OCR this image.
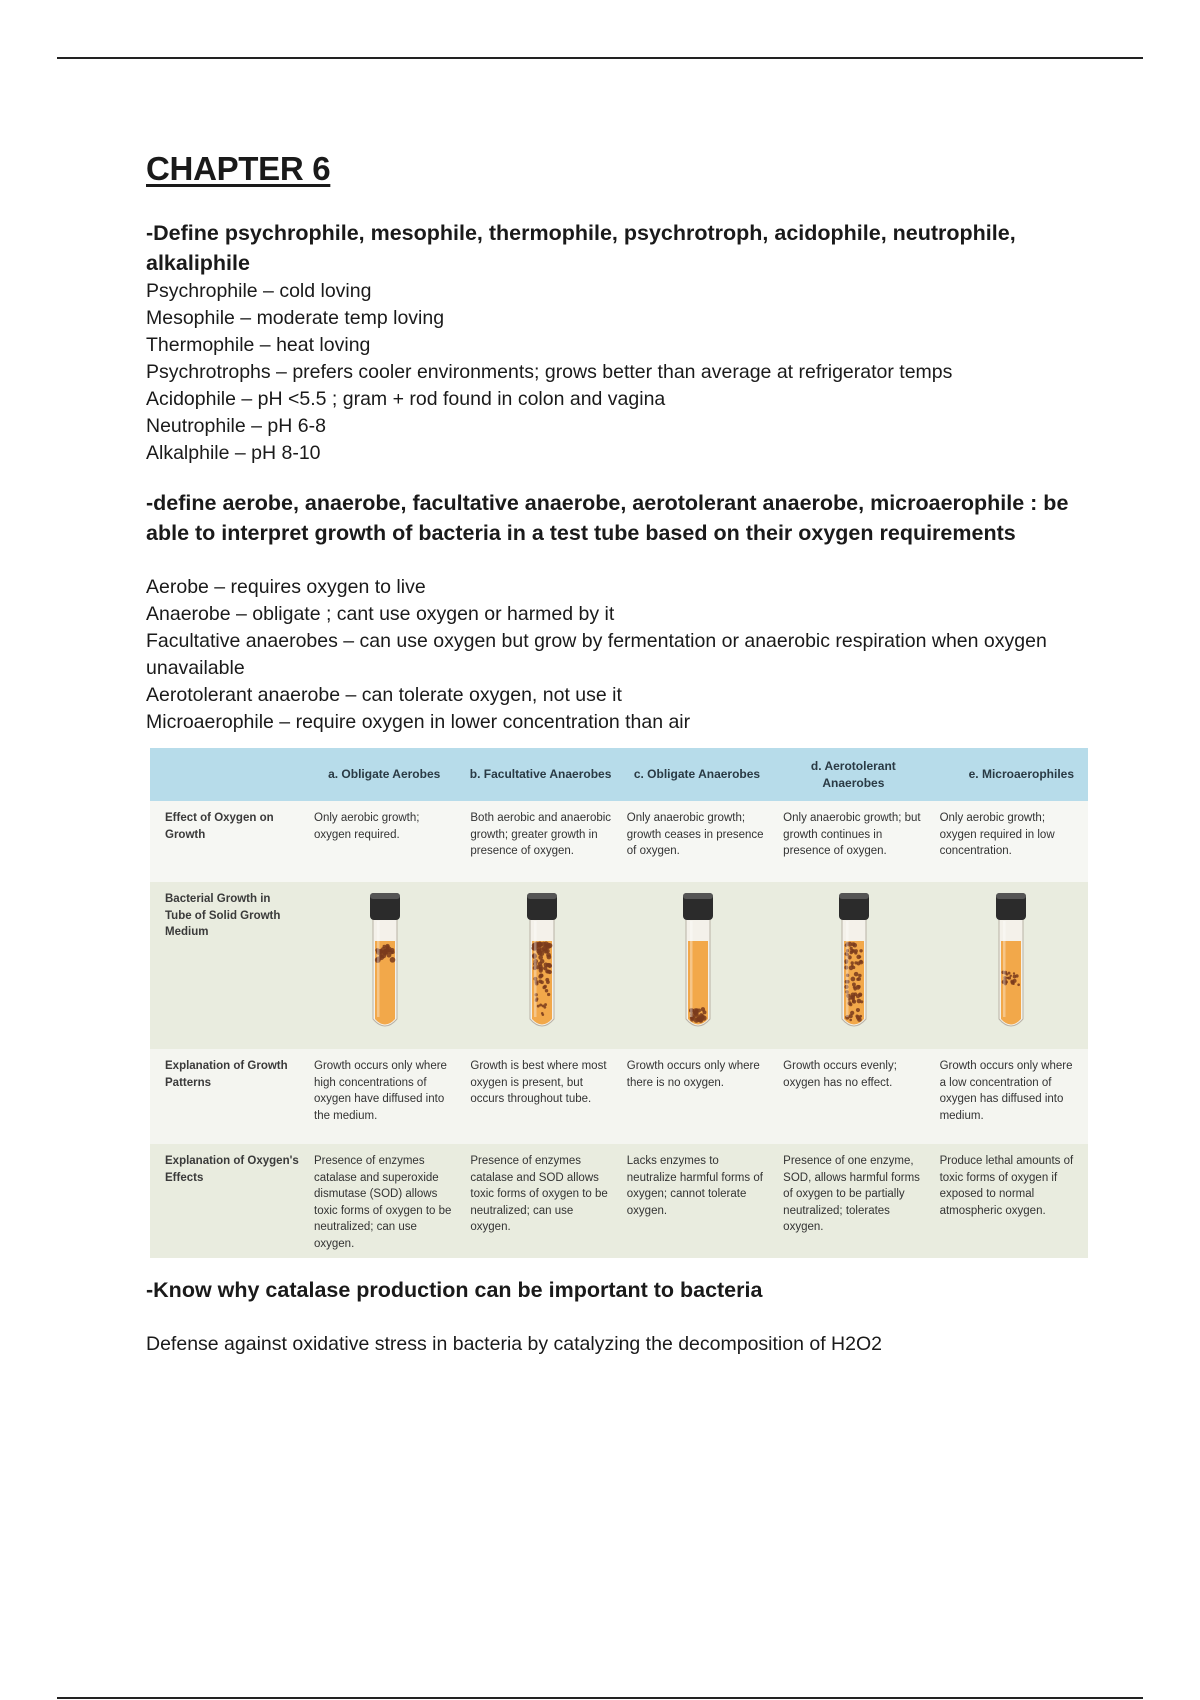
CHAPTER 6

-Define psychrophile, mesophile, thermophile, psychrotroph, acidophile, neutrophile,
alkaliphile

Psychrophile – cold loving

Mesophile – moderate temp loving

Thermophile – heat loving

Psychrotrophs – prefers cooler environments; grows better than average at refrigerator temps

Acidophile – pH <5.5 ; gram + rod found in colon and vagina

Neutrophile – pH 6-8

Alkalphile – pH 8-10

-define aerobe, anaerobe, facultative anaerobe, aerotolerant anaerobe, microaerophile : be
able to interpret growth of bacteria in a test tube based on their oxygen requirements

Aerobe – requires oxygen to live

Anaerobe – obligate ; cant use oxygen or harmed by it

Facultative anaerobes – can use oxygen but grow by fermentation or anaerobic respiration when oxygen

unavailable

Aerotolerant anaerobe – can tolerate oxygen, not use it

Microaerophile – require oxygen in lower concentration than air

	a. Obligate Aerobes	b. Facultative Anaerobes	c. Obligate Anaerobes	d. Aerotolerant Anaerobes	e. Microaerophiles
Effect of Oxygen on Growth	Only aerobic growth; oxygen required.	Both aerobic and anaerobic growth; greater growth in presence of oxygen.	Only anaerobic growth; growth ceases in presence of oxygen.	Only anaerobic growth; but growth continues in presence of oxygen.	Only aerobic growth; oxygen required in low concentration.
Bacterial Growth in Tube of Solid Growth Medium	

Explanation of Growth Patterns	Growth occurs only where high concentrations of oxygen have diffused into the medium.	Growth is best where most oxygen is present, but occurs throughout tube.	Growth occurs only where there is no oxygen.	Growth occurs evenly; oxygen has no effect.	Growth occurs only where a low concentration of oxygen has diffused into medium.
Explanation of Oxygen's Effects	Presence of enzymes catalase and superoxide dismutase (SOD) allows toxic forms of oxygen to be neutralized; can use oxygen.	Presence of enzymes catalase and SOD allows toxic forms of oxygen to be neutralized; can use oxygen.	Lacks enzymes to neutralize harmful forms of oxygen; cannot tolerate oxygen.	Presence of one enzyme, SOD, allows harmful forms of oxygen to be partially neutralized; tolerates oxygen.	Produce lethal amounts of toxic forms of oxygen if exposed to normal atmospheric oxygen.

-Know why catalase production can be important to bacteria

Defense against oxidative stress in bacteria by catalyzing the decomposition of H2O2
